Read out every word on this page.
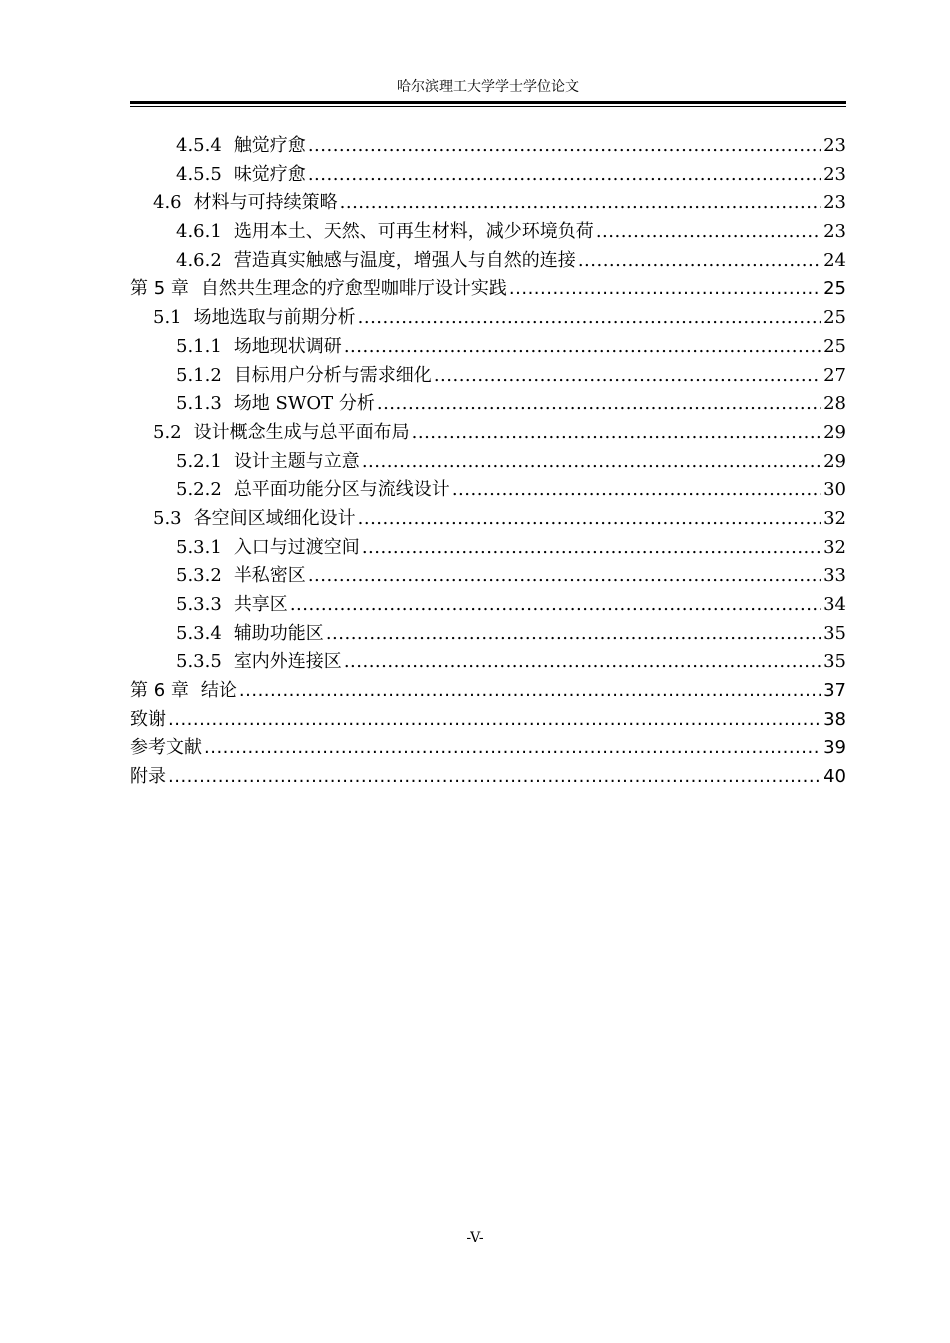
哈尔滨理工大学学士学位论文
4.5.4 触觉疗愈 .....	23
4.5.5 味觉疗愈 .....	23
4.6 材料与可持续策略 .....	23
4.6.1 选用本土、天然、可再生材料，减少环境负荷 .....	23
4.6.2 营造真实触感与温度，增强人与自然的连接 .....	24
第 5 章 自然共生理念的疗愈型咖啡厅设计实践 .....	25
5.1 场地选取与前期分析 .....	25
5.1.1 场地现状调研 .....	25
5.1.2 目标用户分析与需求细化 .....	27
5.1.3 场地 SWOT 分析 .....	28
5.2 设计概念生成与总平面布局 .....	29
5.2.1 设计主题与立意 .....	29
5.2.2 总平面功能分区与流线设计 .....	30
5.3 各空间区域细化设计 .....	32
5.3.1 入口与过渡空间 .....	32
5.3.2 半私密区 .....	33
5.3.3 共享区 .....	34
5.3.4 辅助功能区 .....	35
5.3.5 室内外连接区 .....	35
第 6 章 结论 .....	37
致谢 .....	38
参考文献 .....	39
附录 .....	40
-V-
